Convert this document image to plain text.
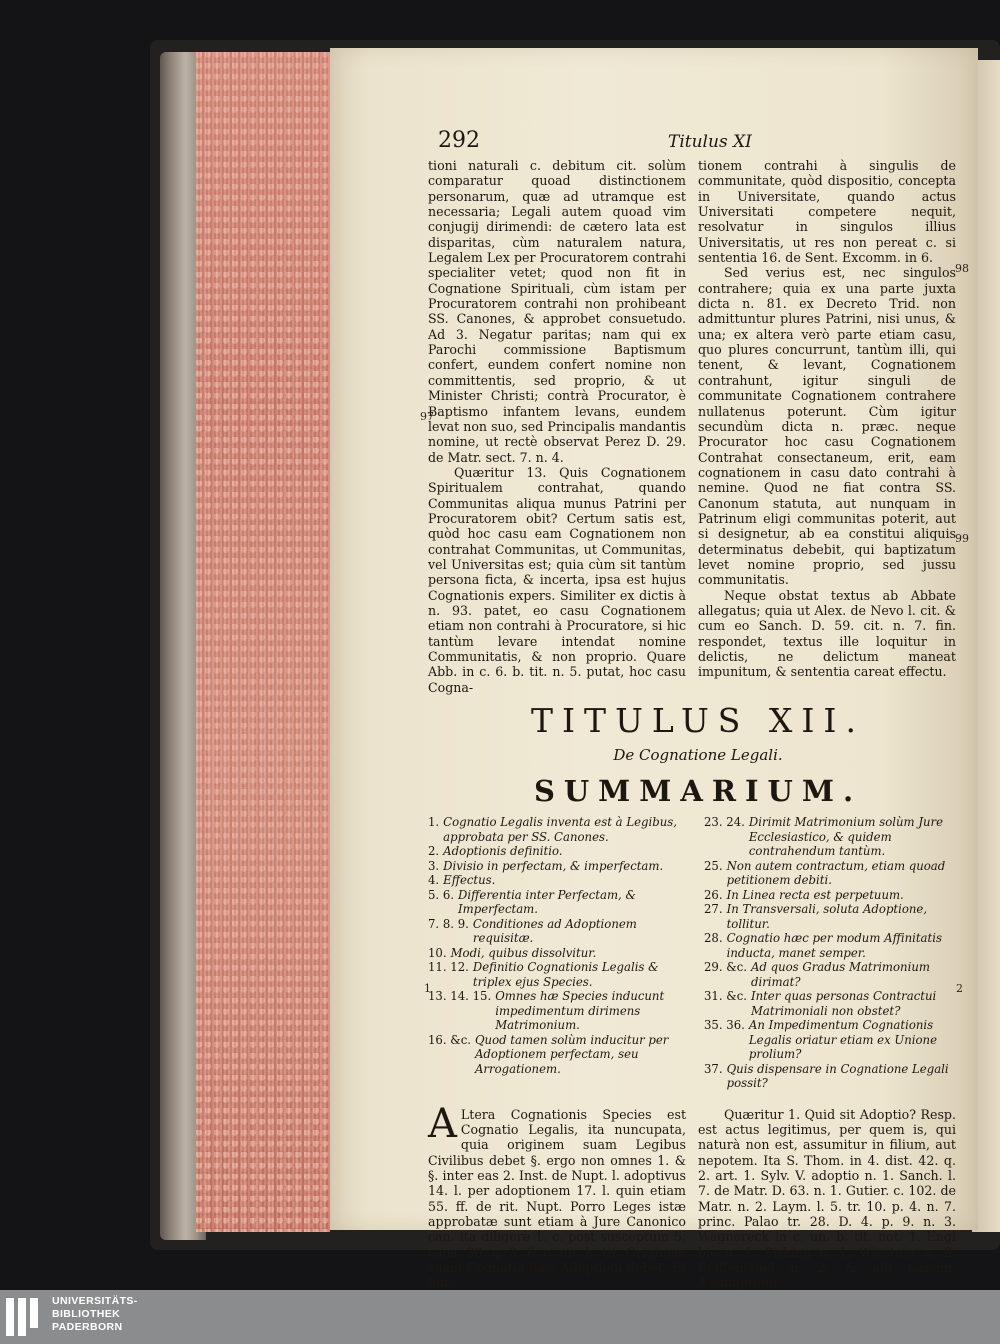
292	Titulus XI

tioni naturali c. debitum cit. solùm comparatur quoad distinctionem personarum, quæ ad utramque est necessaria; Legali autem quoad vim conjugij dirimendi: de cætero lata est disparitas, cùm naturalem natura, Legalem Lex per Procuratorem contrahi specialiter vetet; quod non fit in Cognatione Spirituali, cùm istam per Procuratorem contrahi non prohibeant SS. Canones, & approbet consuetudo. Ad 3. Negatur paritas; nam qui ex Parochi commissione Baptismum confert, eundem confert nomine non committentis, sed proprio, & ut Minister Christi; contrà Procurator, è Baptismo infantem levans, eundem levat non suo, sed Principalis mandantis nomine, ut rectè observat Perez D. 29. de Matr. sect. 7. n. 4.

Quæritur 13. Quis Cognationem Spiritualem contrahat, quando Communitas aliqua munus Patrini per Procuratorem obit? Certum satis est, quòd hoc casu eam Cognationem non contrahat Communitas, ut Communitas, vel Universitas est; quia cùm sit tantùm persona ficta, & incerta, ipsa est hujus Cognationis expers. Similiter ex dictis à n. 93. patet, eo casu Cognationem etiam non contrahi à Procuratore, si hic tantùm levare intendat nomine Communitatis, & non proprio. Quare Abb. in c. 6. b. tit. n. 5. putat, hoc casu Cogna-

tionem contrahi à singulis de communitate, quòd dispositio, concepta in Universitate, quando actus Universitati competere nequit, resolvatur in singulos illius Universitatis, ut res non pereat c. si sententia 16. de Sent. Excomm. in 6.

Sed verius est, nec singulos contrahere; quia ex una parte juxta dicta n. 81. ex Decreto Trid. non admittuntur plures Patrini, nisi unus, & una; ex altera verò parte etiam casu, quo plures concurrunt, tantùm illi, qui tenent, & levant, Cognationem contrahunt, igitur singuli de communitate Cognationem contrahere nullatenus poterunt. Cùm igitur secundùm dicta n. præc. neque Procurator hoc casu Cognationem Contrahat consectaneum, erit, eam cognationem in casu dato contrahi à nemine. Quod ne fiat contra SS. Canonum statuta, aut nunquam in Patrinum eligi communitas poterit, aut si designetur, ab ea constitui aliquis determinatus debebit, qui baptizatum levet nomine proprio, sed jussu communitatis.

Neque obstat textus ab Abbate allegatus; quia ut Alex. de Nevo l. cit. & cum eo Sanch. D. 59. cit. n. 7. fin. respondet, textus ille loquitur in delictis, ne delictum maneat impunitum, & sententia careat effectu.

TITULUS XII.

De Cognatione Legali.

SUMMARIUM.

1. Cognatio Legalis inventa est à Legibus, approbata per SS. Canones.
2. Adoptionis definitio.
3. Divisio in perfectam, & imperfectam.
4. Effectus.
5. 6. Differentia inter Perfectam, & Imperfectam.
7. 8. 9. Conditiones ad Adoptionem requisitæ.
10. Modi, quibus dissolvitur.
11. 12. Definitio Cognationis Legalis & triplex ejus Species.
13. 14. 15. Omnes hæ Species inducunt impedimentum dirimens Matrimonium.
16. &c. Quod tamen solùm inducitur per Adoptionem perfectam, seu Arrogationem.
23. 24. Dirimit Matrimonium solùm Jure Ecclesiastico, & quidem contrahendum tantùm.
25. Non autem contractum, etiam quoad petitionem debiti.
26. In Linea recta est perpetuum.
27. In Transversali, soluta Adoptione, tollitur.
28. Cognatio hæc per modum Affinitatis inducta, manet semper.
29. &c. Ad quos Gradus Matrimonium dirimat?
31. &c. Inter quas personas Contractui Matrimoniali non obstet?
35. 36. An Impedimentum Cognationis Legalis oriatur etiam ex Unione prolium?
37. Quis dispensare in Cognatione Legali possit?

A Ltera Cognationis Species est Cognatio Legalis, ita nuncupata, quia originem suam Legibus Civilibus debet §. ergo non omnes 1. & §. inter eas 2. Inst. de Nupt. l. adoptivus 14. l. per adoptionem 17. l. quin etiam 55. ff. de rit. Nupt. Porro Leges istæ approbatæ sunt etiam à Jure Canonico can. ita diligere 1. c. post susceptum 5. caus. 30. q. 3. & c. un. b. tit. Originem suam Cognatio hæc Adoptioni debet. Et hinc

Quæritur 1. Quid sit Adoptio? Resp. est actus legitimus, per quem is, qui naturà non est, assumitur in filium, aut nepotem. Ita S. Thom. in 4. dist. 42. q. 2. art. 1. Sylv. V. adoptio n. 1. Sanch. l. 7. de Matr. D. 63. n. 1. Gutier. c. 102. de Matr. n. 2. Laym. l. 5. tr. 10. p. 4. n. 7. princ. Palao tr. 28. D. 4. p. 9. n. 3. Wagnereck in c. un. b. tit. not. 1. Engl bic n. 1. Pirhing n. 1. Wiestner n. 2. Reiffenstuel n. 2. & alij passim. Assumptioni

97
98
99
1	2
UNIVERSITÄTS-
BIBLIOTHEK
PADERBORN
